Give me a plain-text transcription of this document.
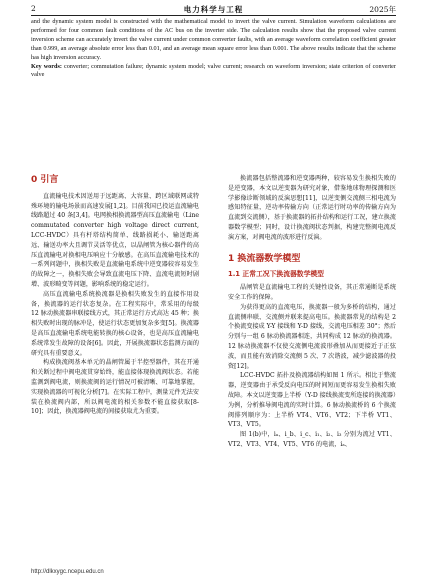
2	电力科学与工程	2025年

and the dynamic system model is constructed with the mathematical model to invert the valve current. Simulation waveform calculations are performed for four common fault conditions of the AC bus on the inverter side. The calculation results show that the proposed valve current inversion scheme can accurately invert the valve current under common converter faults, with an average waveform correlation coefficient greater than 0.999, an average absolute error less than 0.01, and an average mean square error less than 0.001. The above results indicate that the scheme has high inversion accuracy.

Key words: converter; commutation failure; dynamic system model; valve current; research on waveform inversion; state criterion of converter valve

0 引言

直流输电技术因送用于远距离、大容量、跨区域联网或特殊环境的输电场景而高速发展[1,2]。目前我国已投运直流输电线路超过 40 条[3,4]。电网换相换流器型高压直流输电（Line commutated converter high voltage direct current, LCC-HVDC）具有杆塔结构简单、线路损耗小、输送距离远、输送功率大且调节灵活等优点，以晶闸管为核心器件的高压直流输电对换相电压响应十分敏感。在高压直流输电技术的一系列问题中，换相失败是直流输电系统中逆变器较容易发生的故障之一，换相失败会导致直流电压下降、直流电流短时剧增、波形畸变等问题，影响系统的稳定运行。

高压直流输电系统换流器是换相失败发生的直接作用设备，换流器的运行状态复杂。在工程实际中，常采用的每级 12 脉动换流器串联接线方式，其正常运行方式高达 45 种；换相失败时出现的脉冲是，使运行状态更加复杂多变[5]。换流器是高压直流输电系统电能转换的核心设备，也是高压直流输电系统常发生故障的设备[6]。因此，开展换流器状态监测方面的研究具有重要意义。

构成换流阀基本单元的晶闸管属于半控型器件，其在开通和关断过程中阀电流贯穿始终，能直接体现换流阀状态。若能监测到阀电流，则换流阀的运行情况可被清晰、可靠地掌握，实现换流器的可视化分析[7]。在实际工程中，测量元件无法安装在换流阀内部，所以阀电流的相关参数不能直接获取[8-10]；因此，换流器阀电流的间接获取尤为重要。

换流器包括整流器和逆变器两种，较容易发生换相失败的是逆变器，本文以逆变器为研究对象，借鉴地球物理探测和医学影像诊断领域的反演思想[11]，以逆变侧交流侧三相电流为感知特征量，逆功率传输方向（正常运行时功率的传输方向为直流到交流侧），基于换流器的拓扑结构和运行工况，建立换流器数学模型；同时，设计换流阀状态判据，构建完整阀电流反演方案，对阀电流的波形进行反演。

1 换流器数学模型
1.1 正常工况下换流器数学模型

晶闸管是直流输电工程的关键性设备，其正常通断是系统安全工作的保障。

为获得更高的直流电压，换流器一般为多桥的结构，通过直流侧串联、交流侧并联来提高电压。换流器常见的结构是 2 个换流变接成 Y-Y 接线和 Y-D 接线，交流电压相差 30°；然后分别与一组 6 脉动换流器相连，共同构成 12 脉动的换流器。12 脉动换流器不仅使交流侧电流波形叠加从而更接近于正弦波，而且能有效消除交流侧 5 次、7 次谐波，减少滤波器的投资[12]。

LCC-HVDC 拓扑及换流器结构如图 1 所示。相比于整流器，逆变器由于承受反向电压的时间短而更容易发生换相失败故障。本文以逆变器上半桥（Y-D 接线换流变所连接的换流器）为例，分析推导阀电流的实时计算。6 脉动换流桥的 6 个换流阀排列顺序为：上半桥 VT4、VT6、VT2；下半桥 VT1、VT3、VT5。

图 1(b)中，iₐ、i_b、i_c、i₁、i₂、i₃ 分别为流过 VT1、VT2、VT3、VT4、VT5、VT6 的电流，iₐ、

http://dlkxygc.ncepu.edu.cn
